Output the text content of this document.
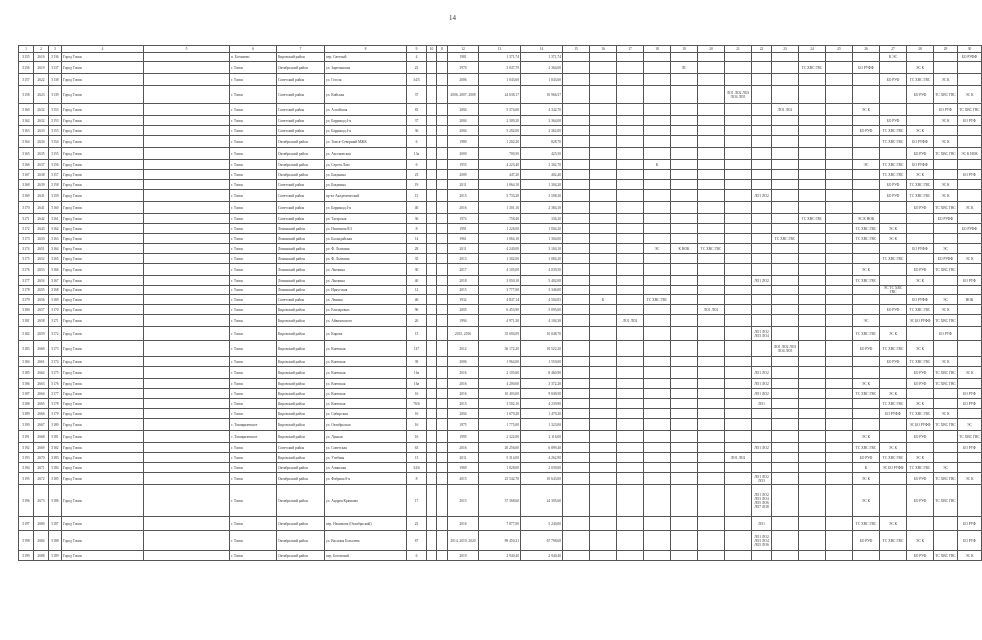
14
1	2	3	4	5	6	7	8	9	10	11	12	13	14	15	16	17	18	19	20	21	22	23	24	25	26	27	28	29	30
5155	2616	5136	Город Томск		п. Богашево	Кировский район	пер. Светлый	4			1981	1 371,74	1 371,74													К ЭС			БО РУФФ
5156	2619	5137	Город Томск		г. Томск	Октябрьский район	ул. Заречинская	23			1970	3 047,70	2 364,00					ЛС					ТС ХВС ГВС		БО РУФФ		ЭС К		
5157	2622	5138	Город Томск		г. Томск	Советский район	ул. Гоголя	34/5			2006	1 043,60	1 043,60													БО РУФ	ТС ХВС ГВС	ЭС К	
5158	2623	5139	Город Томск		г. Томск	Советский район	ул. Кийская	37			2006, 2007, 2008	24 638,17	10 966,57							ЛО1 ЛО2 ЛО3 ЛО4 ЛО5							БО РУФ	ТС ХВС ГВС	ЭС К
5160	2632	5153	Город Томск		г. Томск	Советский район	ул. Алтайская	83			2004	5 374,60	4 342,70									ЛО1 ЛО2			ЭС К			БО РУФ	ТС ХВС ГВС
5162	2632	5153	Город Томск		г. Томск	Советский район	ул. Баррикад 4-я	37			2004	2 309,20	2 364,00													БО РУФ		ЭС К	БО РУФ
5163	2633	5153	Город Томск		г. Томск	Советский район	ул. Баррикад 4-я	36			2004	5 292,00	2 362,00												БО РУФ	ТС ХВС ГВС	ЭС К		
5164	2634	5154	Город Томск		г. Томск	Октябрьский район	ул. Томск-Северный МЖК	6			1980	1 202,20	828,70													ТС ХВС ГВС	БО РУФФ	ЭС К	
5165	2635	5155	Город Томск		г. Томск	Октябрьский район	ул. Аксеновская	13а			2000	700,50	425,50														БО РУФ	ТС ХВС ГВС	ЭС К НОК
5166	2637	5156	Город Томск		г. Томск	Октябрьский район	ул. Сергея Лазо	6			1955	4 223,40	2 302,70				К								ЭС	ТС ХВС ГВС	БО РУФФ		
5167	2638	5157	Город Томск		г. Томск	Октябрьский район	ул. Бакунина	23			2009	447,20	402,40													ТС ХВС ГВС	ЭС К		БО РУФ
5168	2639	5158	Город Томск		г. Томск	Советский район	ул. Бакунина	19			2011	1 064,10	1 304,20													БО РУФ	ТС ХВС ГВС	ЭС К	
5169	2641	5159	Город Томск		г. Томск	Советский район	пр-кт Академический	15			2015	5 733,20	3 508,30								ЛО1 ЛО2					БО РУФ	ТС ХВС ГВС	ЭС К	
5170	2641	5160	Город Томск		г. Томск	Советский район	ул. Баррикад 4-я	40			2016	1 301,10	2 384,10														БО РУФ	ТС ХВС ГВС	ЭС К
5171	2642	5161	Город Томск		г. Томск	Советский район	ул. Татарская	36			1974	758,40	336,20										ТС ХВС ГВС		ЭС К НОК			БО РУФФ	
5172	2643	5162	Город Томск		г. Томск	Ленинский район	ул. Нахимова 8/3	8			1991	1 226,00	1 004,20												ТС ХВС ГВС	ЭС К			БО РУФФ
5173	2650	5163	Город Томск		г. Томск	Ленинский район	ул. Басандайская	14			1961	1 064,10	1 304,00									ТС ХВС ГВС			ТС ХВС ГВС	ЭС К			
5174	2651	5164	Город Томск		г. Томск	Ленинский район	ул. Ф. Лыткина	28			2011	4 240,00	3 104,10				ЭС	К НОК	ТС ХВС ГВС								БО РУФФ	ЭС	
5175	2652	5165	Город Томск		г. Томск	Ленинский район	ул. Ф. Лыткина	35			2013	1 302,00	1 084,20													ТС ХВС ГВС		БО РУФФ	ЭС К
5176	2653	5166	Город Томск		г. Томск	Ленинский район	ул. Лыткина	30			2017	4 105,00	4 039,50												ЭС К		БО РУФ	ТС ХВС ГВС	
5177	2654	5167	Город Томск		г. Томск	Ленинский район	ул. Лыткина	40			2018	3 050,10	5 402,00								ЛО1 ЛО2				ТС ХВС ГВС		ЭС К		БО РУФ
5178	2655	5168	Город Томск		г. Томск	Ленинский район	ул. Иркутская	12			2015	3 777,00	3 346,00													ЭС ТС ХВС ГВС			
5179	2656	5169	Город Томск		г. Томск	Советский район	ул. Ленина	46			1932	4 847,14	4 504,05		К		ТС ХВС ГВС										БО РУФФ	ЭС	НОК
5180	2657	5170	Город Томск		г. Томск	Кировский район	ул. Елизаровых	96			2005	6 453,90	5 095,00						ЛО1 ЛО2							БО РУФ	ТС ХВС ГВС	ЭС К	
5181	2658	5171	Город Томск		г. Томск	Кировский район	ул. Айвазовского	26			1994	4 971,30	4 104,30			ЛО1 ЛО2									ЭС		ЭС БО РУФФ	ТС ХВС ГВС	
5182	2659	5172	Город Томск		г. Томск	Кировский район	ул. Кирова	15			2015, 2016	35 694,09	10 048,70								ЛО1 ЛО2 ЛО3 ЛО4				ТС ХВС ГВС	ЭС К		БО РУФ	
5183	2660	5173	Город Томск		г. Томск	Кировский район	ул. Киевская	147			2012	36 172,20	10 522,20									ЛО1 ЛО2 ЛО3 ЛО4 ЛО5			БО РУФ	ТС ХВС ГВС	ЭС К		
5184	2661	5174	Город Томск		г. Томск	Кировский район	ул. Киевская	39			2006	1 964,00	1 550,00													БО РУФ	ТС ХВС ГВС	ЭС К	
5185	2662	5175	Город Томск		г. Томск	Кировский район	ул. Киевская	16а			2016	2 105,60	8 460,90								ЛО1 ЛО2						БО РУФ	ТС ХВС ГВС	ЭС К
5186	2663	5176	Город Томск		г. Томск	Кировский район	ул. Киевская	16а			2016	4 200,00	3 372,20								ЛО1 ЛО2				ЭС К		БО РУФ	ТС ХВС ГВС	
5187	2664	5177	Город Томск		г. Томск	Кировский район	ул. Киевская	16			2016	10 403,00	9 049,50								ЛО1 ЛО2				ТС ХВС ГВС	ЭС К			БО РУФ
5188	2665	5178	Город Томск		г. Томск	Кировский район	ул. Киевская	76/6			2015	3 502,10	4 239,90								ЛО1					ТС ХВС ГВС	ЭС К		БО РУФ
5189	2666	5179	Город Томск		г. Томск	Кировский район	ул. Сибирская	16			2004	1 679,20	1 479,20													БО РУФФ	ТС ХВС ГВС	ЭС К	
5190	2667	5180	Город Томск		с. Тимирязевское	Кировский район	ул. Октябрьская	16			1975	1 775,00	1 323,00														ЭС БО РУФФ	ТС ХВС ГВС	ЭС
5191	2668	5181	Город Томск		с. Тимирязевское	Кировский район	ул. Лунная	16			1995	2 322,00	2 116,00												ЭС К		БО РУФ		ТС ХВС ГВС
5192	2669	5182	Город Томск		г. Томск	Советский район	ул. Советская	63			2016	20 256,00	6 899,40								ЛО1 ЛО2				ТС ХВС ГВС	ЭС К			БО РУФ
5193	2670	5183	Город Томск		г. Томск	Кировский район	ул. Учебная	13			2011	5 314,00	4 262,90							ЛО1 ЛО2					БО РУФ	ТС ХВС ГВС	ЭС К		
5194	2671	5184	Город Томск		г. Томск	Октябрьский район	ул. Ачинская	34/6			1969	1 028,00	2 039,00												К	ЭС БО РУФФ	ТС ХВС ГВС	ЭС	
5195	2672	5185	Город Томск		г. Томск	Октябрьский район	ул. Фабрика 8-я	8			2015	25 542,70	10 643,00								ЛО1 ЛО2 ЛО3				ЭС К		БО РУФ	ТС ХВС ГВС	ЭС К
5196	2673	5186	Город Томск		г. Томск	Октябрьский район	ул. Андрея Крячкова	17			2015	37 368,60	24 305,60								ЛО1 ЛО2 ЛО3 ЛО4 ЛО5 ЛО6 ЛО7 ЛО8				ЭС К		БО РУФ	ТС ХВС ГВС	
5197	2680	5187	Город Томск		г. Томск	Октябрьский район	пер. Нахимова (Октябрьский)	23			2016	7 877,00	5 240,00								ЛО1				ТС ХВС ГВС	ЭС К			БО РУФ
5198	2684	5188	Город Томск		г. Томск	Октябрьский район	ул. Василия Ботылева	67			2014, 2019, 2020	89 450,21	67 798,68								ЛО1 ЛО2 ЛО3 ЛО4 ЛО5 ЛО6				БО РУФ	ТС ХВС ГВС	ЭС К		БО РУФ
5199	2688	5189	Город Томск		г. Томск	Октябрьский район	пер. Ботовский	6			2019	2 940,40	2 940,40														БО РУФ	ТС ХВС ГВС	ЭС К
